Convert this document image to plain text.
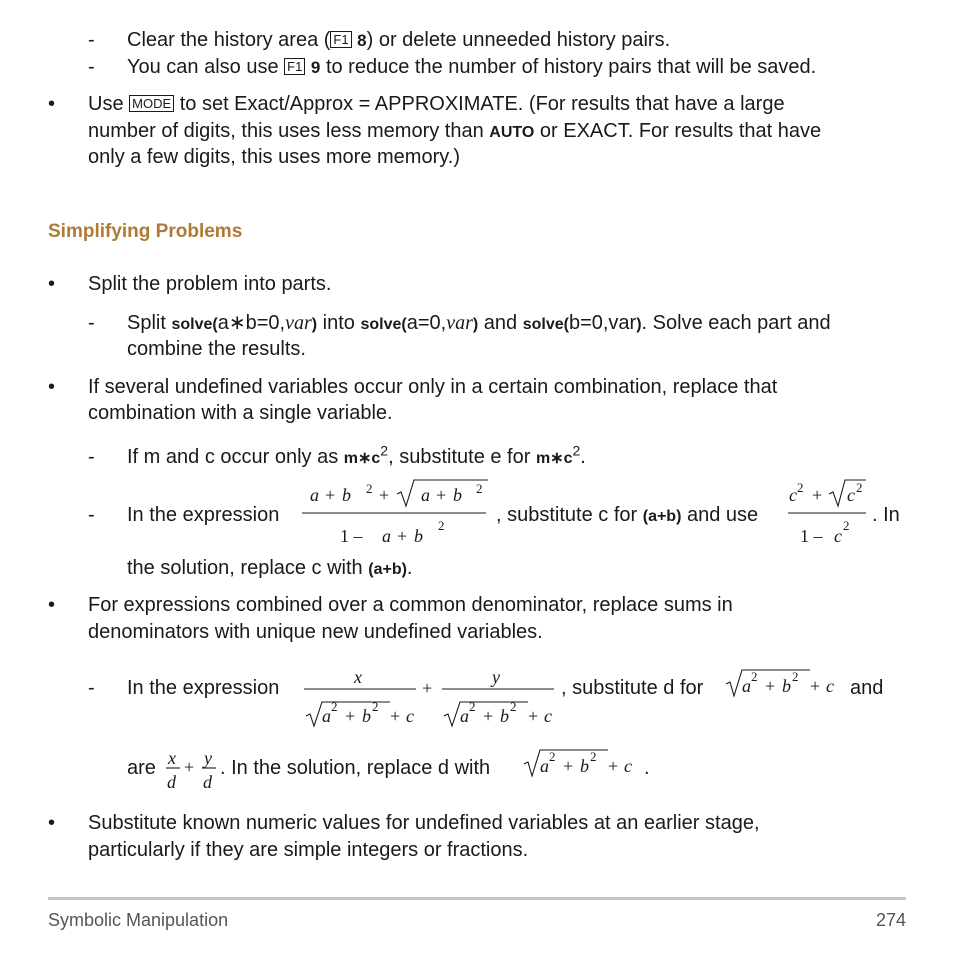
- Clear the history area ( F1 8) or delete unneeded history pairs.
- You can also use F1 9 to reduce the number of history pairs that will be saved.
• Use MODE to set Exact/Approx = APPROXIMATE. (For results that have a large
number of digits, this uses less memory than AUTO or EXACT. For results that have
only a few digits, this uses more memory.)
Simplifying Problems
• Split the problem into parts.
- Split solve(a∗b=0,var) into solve(a=0,var) and solve(b=0,var). Solve each part and
combine the results.
• If several undefined variables occur only in a certain combination, replace that
combination with a single variable.
- If m and c occur only as $m∗c^2$, substitute e for $m∗c^2$.
- In the expression
a + b 2 + a + b 2
1 – a + b
2	, substitute c for (a+b) and use
c 2 + c 2
1 – c
2 . In
the solution, replace c with (a+b).
• For expressions combined over a common denominator, replace sums in
denominators with unique new undefined variables.
- In the expression	x
a 2 + b 2 + c
+
y
a 2 + b 2 + c
, substitute d for a 2 + b 2 + c and
are x
d
+ y
d
. In the solution, replace d with	a 2 + b 2 + c .
• Substitute known numeric values for undefined variables at an earlier stage,
particularly if they are simple integers or fractions.
Symbolic Manipulation	274
